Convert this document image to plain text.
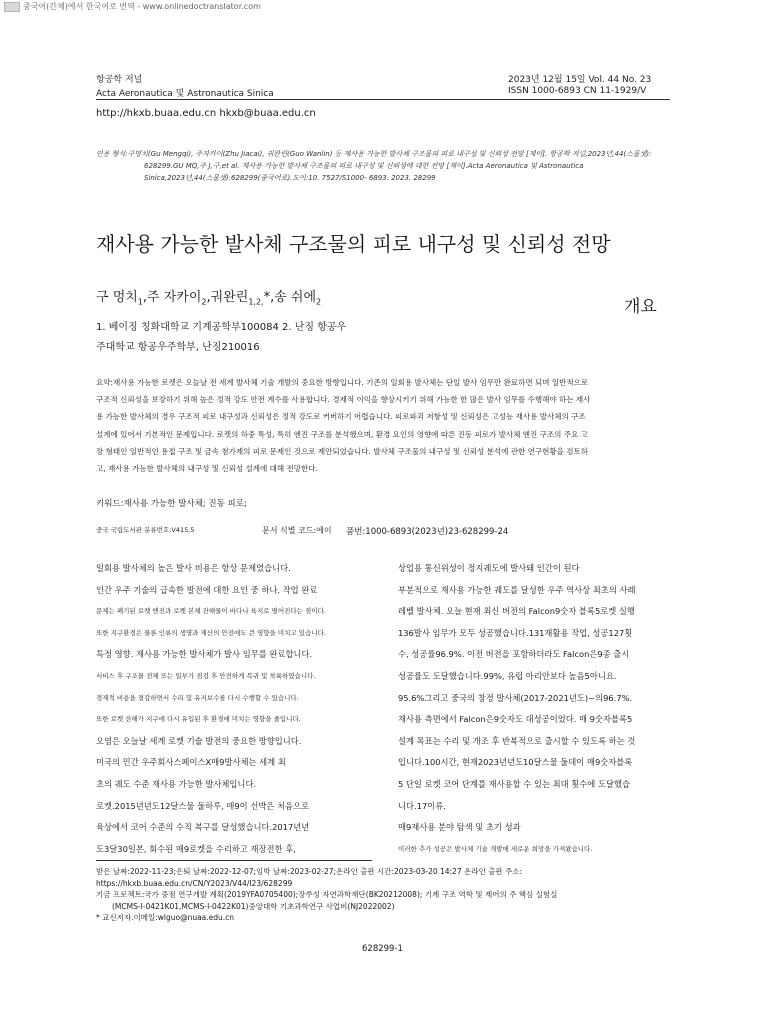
중국어(간체)에서 한국어로 번역 - www.onlinedoctranslator.com
항공학 저널
Acta Aeronautica 및 Astronautica Sinica
2023년 12월 15일 Vol. 44 No. 23
ISSN 1000-6893 CN 11-1929/V
http://hkxb.buaa.edu.cn hkxb@buaa.edu.cn
인용 형식:구멍치(Gu Mengqi), 주자카이(Zhu Jiacai), 궈완린(Guo Wanlin) 등 재사용 가능한 발사체 구조물의 피로 내구성 및 신뢰성 전망 [제이]. 항공학 저널,2023년,44(스물셋):
628299.GU MQ,주 J,구,et al. 재사용 가능한 발사체 구조물의 피로 내구성 및 신뢰성에 대한 전망 [제이].Acta Aeronautica 및 Astronautica
Sinica,2023년,44(스물셋):628299(중국어로).도이:10. 7527/S1000- 6893. 2023. 28299
재사용 가능한 발사체 구조물의 피로 내구성 및 신뢰성 전망
구 멍치$_1$,주 자카이$_2$,궈완린$_{1,2,}$*,송 쉬에$_2$	개요
1. 베이징 칭화대학교 기계공학부100084 2. 난징 항공우
주대학교 항공우주학부, 난징210016
요약:재사용 가능한 로켓은 오늘날 전 세계 발사체 기술 개발의 중요한 방향입니다. 기존의 일회용 발사체는 단일 발사 임무만 완료하면 되며 일반적으로
구조적 신뢰성을 보장하기 위해 높은 정적 강도 안전 계수를 사용합니다. 경제적 이익을 향상시키기 위해 가능한 한 많은 발사 임무를 수행해야 하는 재사
용 가능한 발사체의 경우 구조적 피로 내구성과 신뢰성은 정적 강도로 커버하기 어렵습니다. 피로파괴 저항성 및 신뢰성은 고성능 재사용 발사체의 구조
설계에 있어서 기본적인 문제입니다. 로켓의 하중 특성, 특히 엔진 구조를 분석했으며, 환경 요인의 영향에 따른 진동 피로가 발사체 엔진 구조의 주요 고
장 형태인 일반적인 용접 구조 및 금속 첨가제의 피로 문제인 것으로 제안되었습니다. 발사체 구조물의 내구성 및 신뢰성 분석에 관한 연구현황을 검토하
고, 재사용 가능한 발사체의 내구성 및 신뢰성 설계에 대해 전망한다.
키워드:재사용 가능한 발사체; 진동 피로;
중국 국립도서관 분류번호:V415.5	문서 식별 코드:에이 품번:1000-6893(2023년)23-628299-24
일회용 발사체의 높은 발사 비용은 항상 문제였습니다.
인간 우주 기술의 급속한 발전에 대한 요인 중 하나. 작업 완료
문제는 폐기된 로켓 엔진과 로켓 본체 잔해물이 바다나 육지로 떨어진다는 점이다.
또한 지구환경은 물론 인류의 생명과 재산의 안전에도 큰 영향을 미치고 있습니다.
특정 영향. 재사용 가능한 발사체가 발사 임무를 완료합니다.
서비스 후 구조물 전체 또는 일부가 점검 후 안전하게 복귀 및 착륙하였습니다.
경제적 비용을 절감하면서 수리 및 유지보수를 다시 수행할 수 있습니다.
또한 로켓 잔해가 지구에 다시 유입된 후 환경에 미치는 영향을 줄입니다.
오염은 오늘날 세계 로켓 기술 발전의 중요한 방향입니다.
미국의 민간 우주회사스페이스X매9발사체는 세계 최
초의 궤도 수준 재사용 가능한 발사체입니다.
로켓.2015년년도12달스물 둘하루, 매9이 선박은 처음으로
육상에서 코어 수준의 수직 복구를 달성했습니다.2017년년
도3달30일본, 회수된 매9로켓을 수리하고 재장전한 후,
상업용 통신위성이 정지궤도에 발사돼 인간이 된다
부분적으로 재사용 가능한 궤도를 달성한 우주 역사상 최초의 사례
레벨 발사체. 오늘 현재 최신 버전의 Falcon9숫자 블록5로켓 실행
136발사 임무가 모두 성공했습니다.131재활용 작업, 성공127횟
수, 성공률96.9%. 이전 버전을 포함하더라도 Falcon은9종 출시
성공률도 도달했습니다.99%, 유럽 아리안보다 높음5아니요.
95.6%그리고 중국의 창정 발사체(2017-2021년도)~의96.7%.
재사용 측면에서 Falcon은9숫자도 대성공이었다. 매 9숫자블록5
설계 목표는 수리 및 개조 후 반복적으로 출시할 수 있도록 하는 것
입니다.100시간, 현재2023년년도10달스물 둘데이 매9숫자블록
5 단일 로켓 코어 단계를 재사용할 수 있는 최대 횟수에 도달했습
니다.17이류.
매9재사용 분야 탐색 및 초기 성과
이러한 추가 성공은 발사체 기술 개발에 새로운 희망을 가져왔습니다.
받은 날짜:2022-11-23;은퇴 날짜:2022-12-07;임박 날짜:2023-02-27;온라인 출판 시간:2023-03-20 14:27 온라인 출판 주소:
https://hkxb.buaa.edu.cn/CN/Y2023/V44/I23/628299
기금 프로젝트:국가 중점 연구개발 계획(2019YFA0705400);장쑤성 자연과학재단(BK20212008); 기계 구조 역학 및 제어의 주 핵심 실험실
(MCMS-I-0421K01,MCMS-I-0422K01)중앙대학 기초과학연구 사업비(NJ2022002)
* 교신저자.이메일:wlguo@nuaa.edu.cn
628299-1
